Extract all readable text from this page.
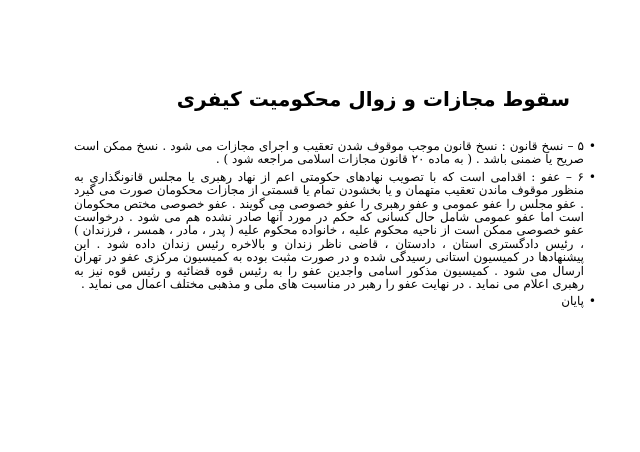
سقوط مجازات و زوال محکومیت کیفری
•
۵ – نسخ قانون : نسخ قانون موجب موقوف شدن تعقیب و اجرای مجازات می شود . نسخ ممکن است صریح یا ضمنی باشد . ( به ماده ۲۰ قانون مجازات اسلامی مراجعه شود ) .
•
۶ – عفو : اقدامی است که با تصویب نهادهای حکومتی اعم از نهاد رهبری یا مجلس قانونگذاری به منظور موقوف ماندن تعقیب متهمان و یا بخشودن تمام یا قسمتی از مجازات محکومان صورت می گیرد . عفو مجلس را عفو عمومی و عفو رهبری را عفو خصوصی می گویند . عفو خصوصی مختص محکومان است اما عفو عمومی شامل حال کسانی که حکم در مورد آنها صادر نشده هم می شود . درخواست عفو خصوصی ممکن است از ناحیه محکوم علیه ، خانواده محکوم علیه ( پدر ، مادر ، همسر ، فرزندان ) ، رئیس دادگستری استان ، دادستان ، قاضی ناظر زندان و بالاخره رئیس زندان داده شود . این پیشنهادها در کمیسیون استانی رسیدگی شده و در صورت مثبت بوده به کمیسیون مرکزی عفو در تهران ارسال می شود . کمیسیون مذکور اسامی واجدین عفو را به رئیس قوه قضائیه و رئیس قوه نیز به رهبری اعلام می نماید . در نهایت عفو را رهبر در مناسبت های ملی و مذهبی مختلف اعمال می نماید .
•
پایان
